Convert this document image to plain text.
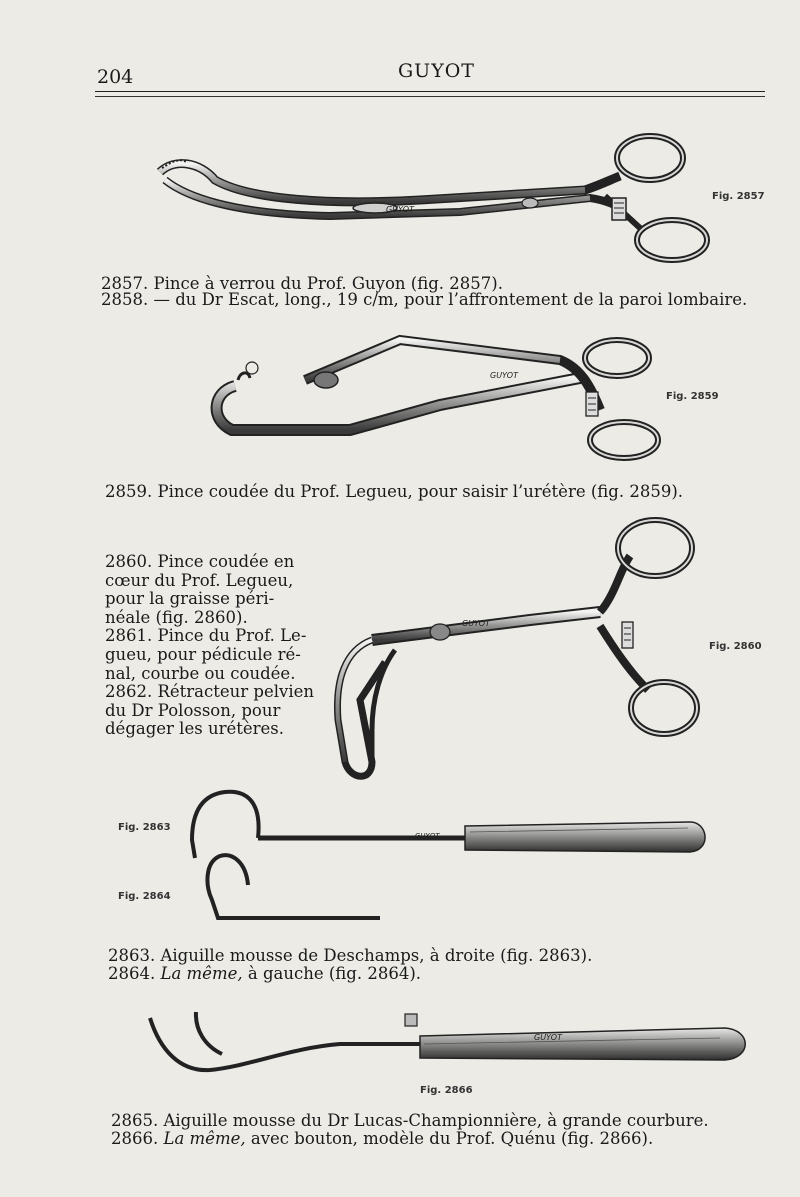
204	GUYOT
GUYOT
Fig. 2857
GUYOT
Fig. 2859
GUYOT
Fig. 2860
GUYOT
Fig. 2863
Fig. 2864
GUYOT
Fig. 2866
2857. Pince à verrou du Prof. Guyon (fig. 2857).
2858. — du Dr Escat, long., 19 c/m, pour l’affrontement de la paroi lombaire.
2859. Pince coudée du Prof. Legueu, pour saisir l’urétère (fig. 2859).
2860. Pince coudée en
cœur du Prof. Legueu,
pour la graisse péri-
néale (fig. 2860).
2861. Pince du Prof. Le-
gueu, pour pédicule ré-
nal, courbe ou coudée.
2862. Rétracteur pelvien
du Dr Polosson, pour
dégager les urétères.
2863. Aiguille mousse de Deschamps, à droite (fig. 2863).
2864. La même, à gauche (fig. 2864).
2865. Aiguille mousse du Dr Lucas-Championnière, à grande courbure.
2866. La même, avec bouton, modèle du Prof. Quénu (fig. 2866).
